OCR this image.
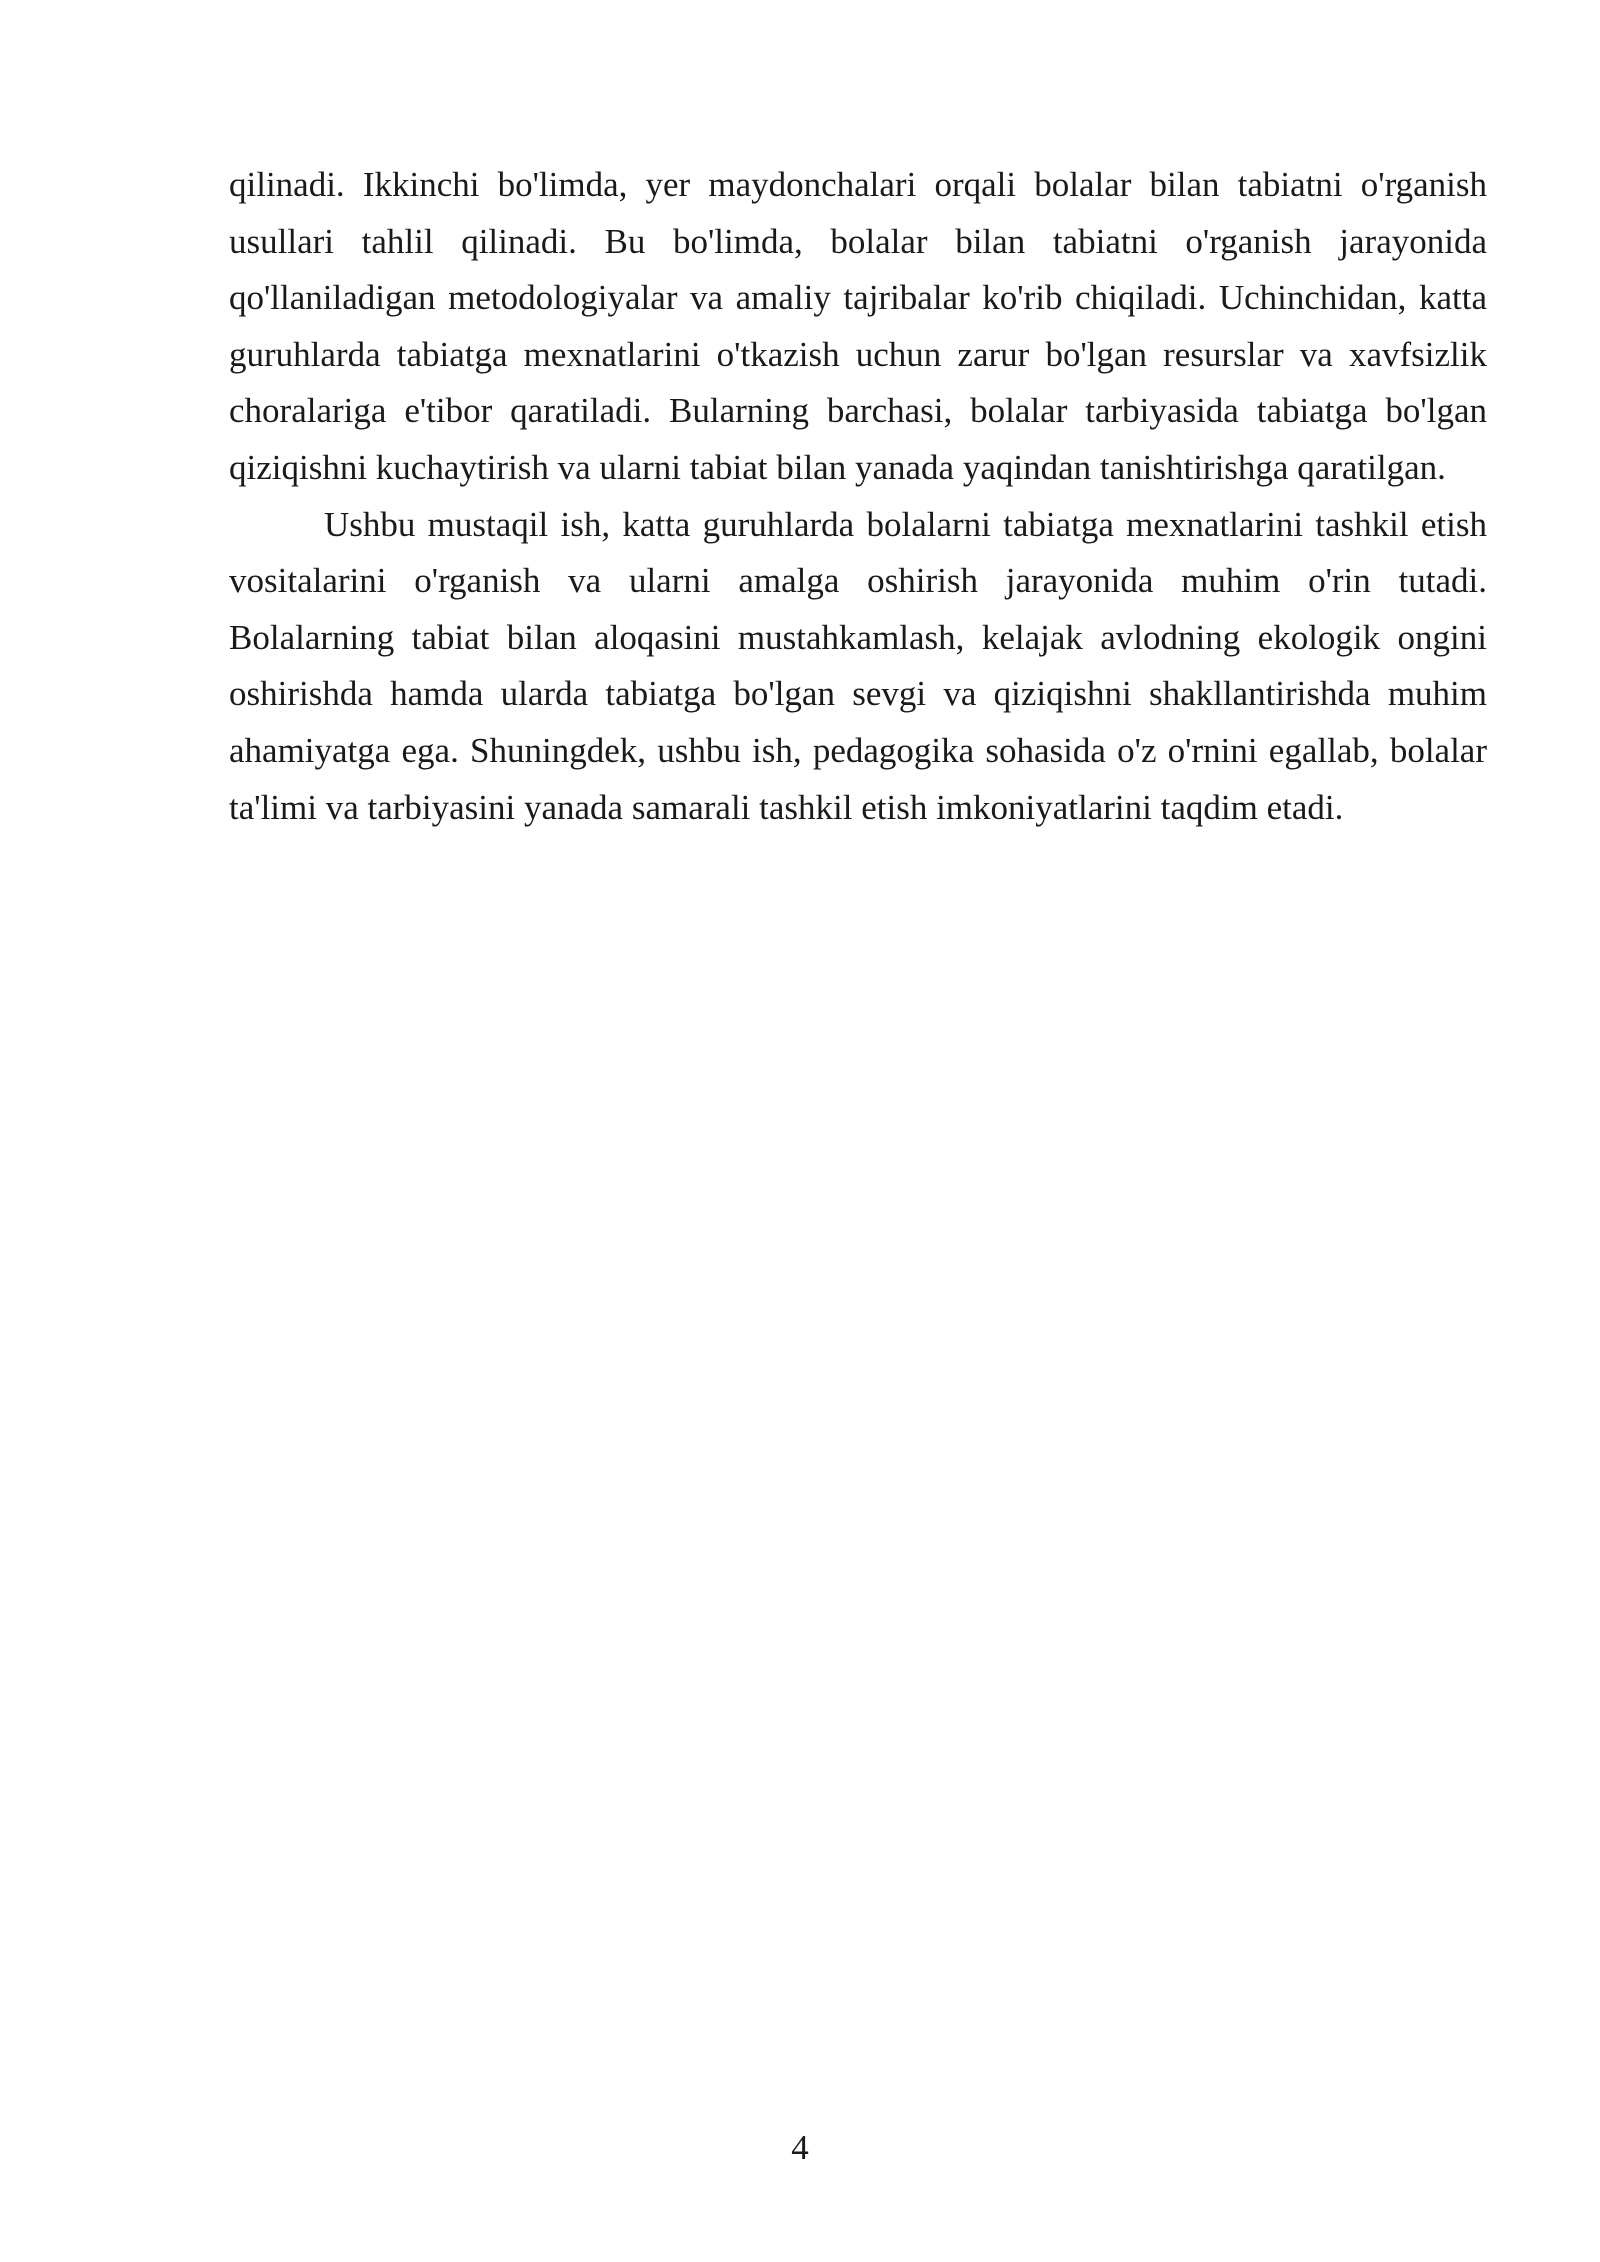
qilinadi. Ikkinchi bo'limda, yer maydonchalari orqali bolalar bilan tabiatni o'rganish usullari tahlil qilinadi. Bu bo'limda, bolalar bilan tabiatni o'rganish jarayonida qo'llaniladigan metodologiyalar va amaliy tajribalar ko'rib chiqiladi. Uchinchidan, katta guruhlarda tabiatga mexnatlarini o'tkazish uchun zarur bo'lgan resurslar va xavfsizlik choralariga e'tibor qaratiladi. Bularning barchasi, bolalar tarbiyasida tabiatga bo'lgan qiziqishni kuchaytirish va ularni tabiat bilan yanada yaqindan tanishtirishga qaratilgan.

Ushbu mustaqil ish, katta guruhlarda bolalarni tabiatga mexnatlarini tashkil etish vositalarini o'rganish va ularni amalga oshirish jarayonida muhim o'rin tutadi. Bolalarning tabiat bilan aloqasini mustahkamlash, kelajak avlodning ekologik ongini oshirishda hamda ularda tabiatga bo'lgan sevgi va qiziqishni shakllantirishda muhim ahamiyatga ega. Shuningdek, ushbu ish, pedagogika sohasida o'z o'rnini egallab, bolalar ta'limi va tarbiyasini yanada samarali tashkil etish imkoniyatlarini taqdim etadi.

4
